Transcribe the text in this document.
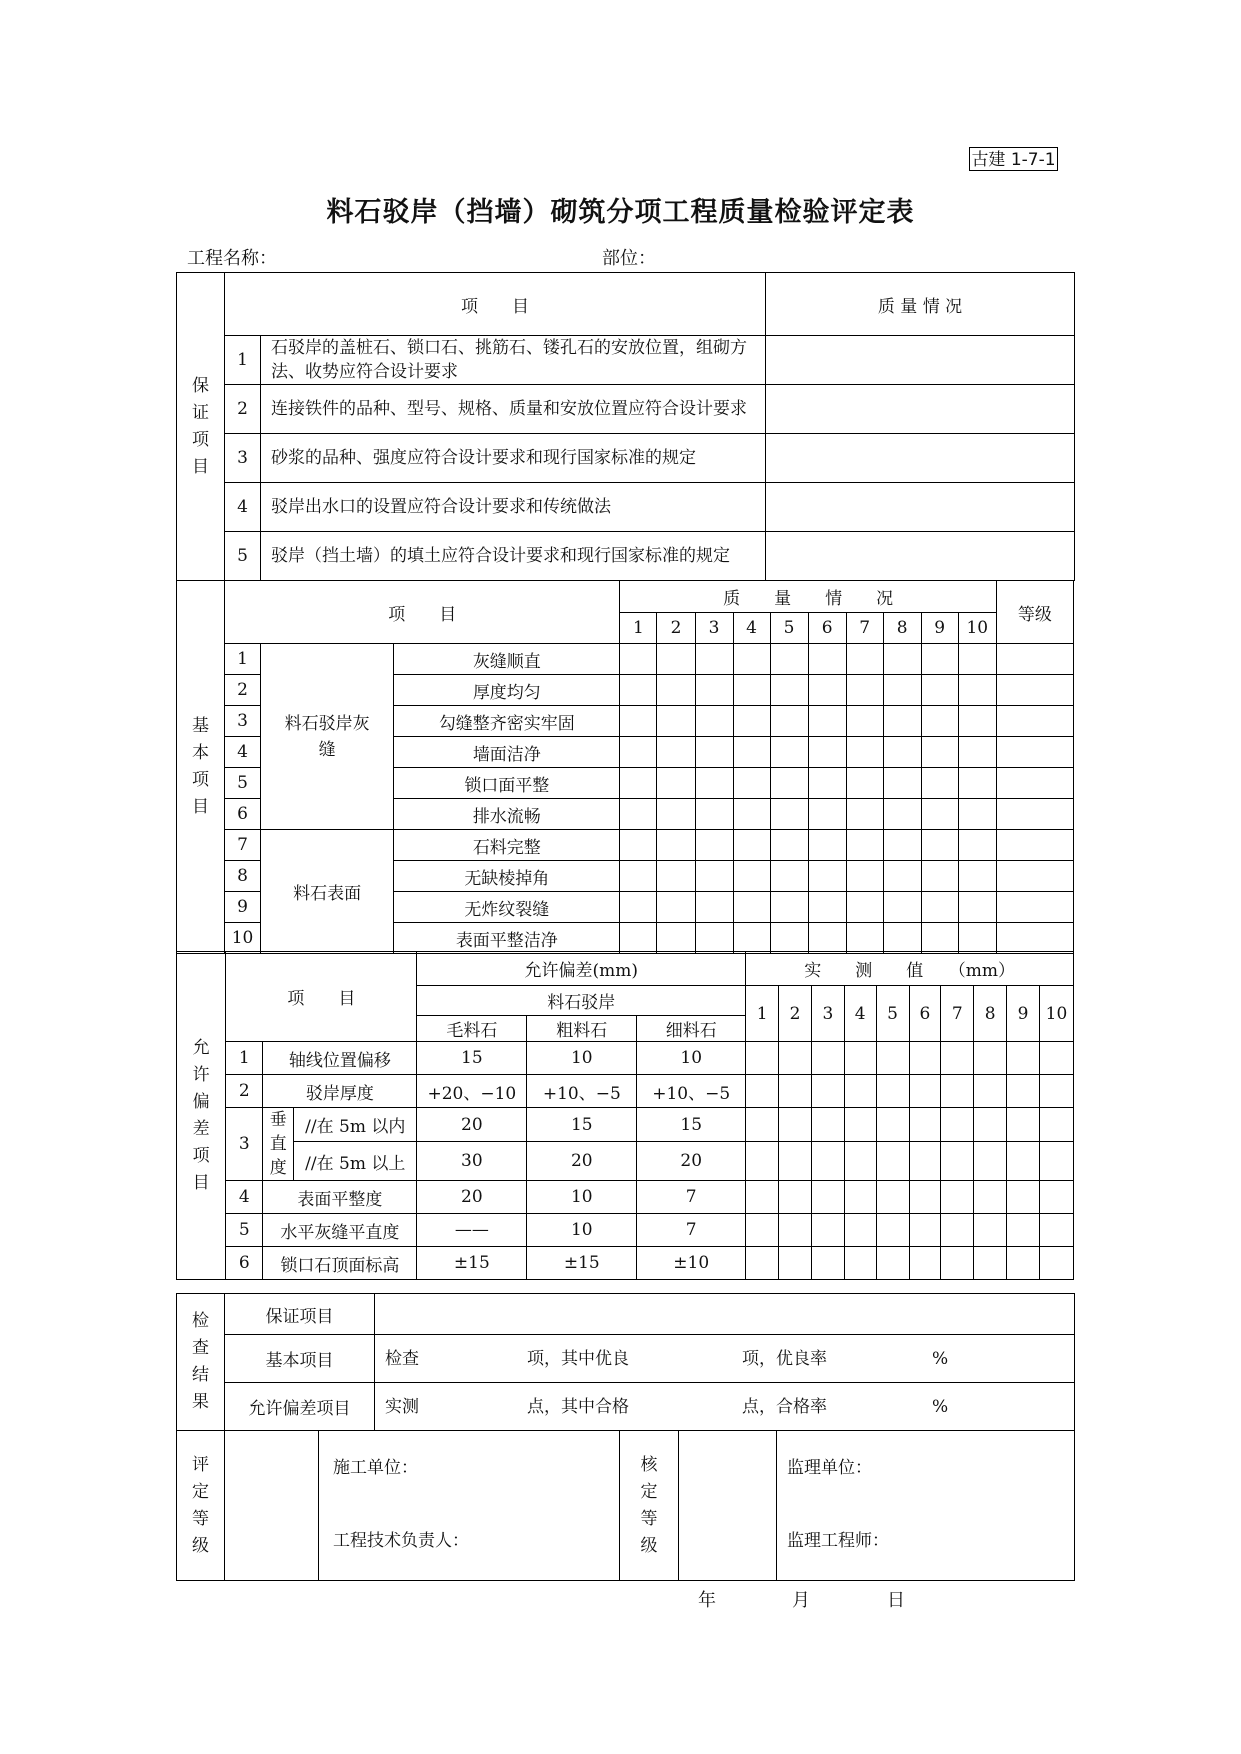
古建 1-7-1
料石驳岸（挡墙）砌筑分项工程质量检验评定表
工程名称：	部位：
保证项目	项　　目		质 量 情 况
	1	石驳岸的盖桩石、锁口石、挑筋石、镂孔石的安放位置，组砌方法、收势应符合设计要求	
	2	连接铁件的品种、型号、规格、质量和安放位置应符合设计要求	
	3	砂浆的品种、强度应符合设计要求和现行国家标准的规定	
	4	驳岸出水口的设置应符合设计要求和传统做法	
	5	驳岸（挡土墙）的填土应符合设计要求和现行国家标准的规定	
基本项目	项　　目			质　　量　　情　　况										等级
				1	2	3	4	5	6	7	8	9	10	
	1	料石驳岸灰缝	灰缝顺直											
	2		厚度均匀											
	3		勾缝整齐密实牢固											
	4		墙面洁净											
	5		锁口面平整											
	6		排水流畅											
	7	料石表面	石料完整											
	8		无缺棱掉角											
	9		无炸纹裂缝											
	10		表面平整洁净											
允许偏差项目	项　　目			允许偏差(mm)			实　　测　　值　　（mm）									
				料石驳岸			1	2	3	4	5	6	7	8	9	10
				毛料石	粗料石	细料石										
	1	轴线位置偏移		15	10	10										
	2	驳岸厚度		+20、−10	+10、−5	+10、−5										
	3	垂直度	//在 5m 以内	20	15	15										
			//在 5m 以上	30	20	20										
	4	表面平整度		20	10	7										
	5	水平灰缝平直度		——	10	7										
	6	锁口石顶面标高		±15	±15	±10										
检查结果	保证项目	
	基本项目	检查 项，其中优良 项，优良率 %
	允许偏差项目	实测 点，其中合格 点，合格率 %
评定等级		
施工单位：
工程技术负责人：
	核定等级		
监理单位：
监理工程师：
年	月	日
